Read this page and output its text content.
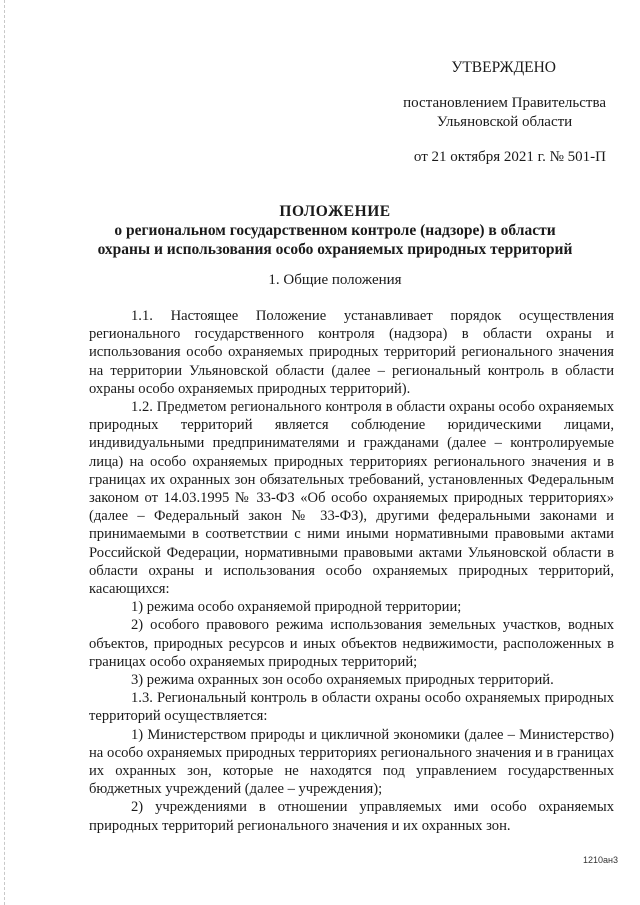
УТВЕРЖДЕНО
постановлением Правительства
Ульяновской области
от 21 октября 2021 г. № 501-П
ПОЛОЖЕНИЕ
о региональном государственном контроле (надзоре) в области
охраны и использования особо охраняемых природных территорий
1. Общие положения

1.1. Настоящее Положение устанавливает порядок осуществления регионального государственного контроля (надзора) в области охраны и использования особо охраняемых природных территорий регионального значения на территории Ульяновской области (далее – региональный контроль в области охраны особо охраняемых природных территорий).

1.2. Предметом регионального контроля в области охраны особо охраняемых природных территорий является соблюдение юридическими лицами, индивидуальными предпринимателями и гражданами (далее – контролируемые лица) на особо охраняемых природных территориях регионального значения и в границах их охранных зон обязательных требований, установленных Федеральным законом от 14.03.1995 № 33-ФЗ «Об особо охраняемых природных территориях» (далее – Федеральный закон № 33-ФЗ), другими федеральными законами и принимаемыми в соответствии с ними иными нормативными правовыми актами Российской Федерации, нормативными правовыми актами Ульяновской области в области охраны и использования особо охраняемых природных территорий, касающихся:

1) режима особо охраняемой природной территории;

2) особого правового режима использования земельных участков, водных объектов, природных ресурсов и иных объектов недвижимости, расположенных в границах особо охраняемых природных территорий;

3) режима охранных зон особо охраняемых природных территорий.

1.3. Региональный контроль в области охраны особо охраняемых природных территорий осуществляется:

1) Министерством природы и цикличной экономики (далее – Министерство) на особо охраняемых природных территориях регионального значения и в границах их охранных зон, которые не находятся под управлением государственных бюджетных учреждений (далее – учреждения);

2) учреждениями в отношении управляемых ими особо охраняемых природных территорий регионального значения и их охранных зон.

1210ан3
